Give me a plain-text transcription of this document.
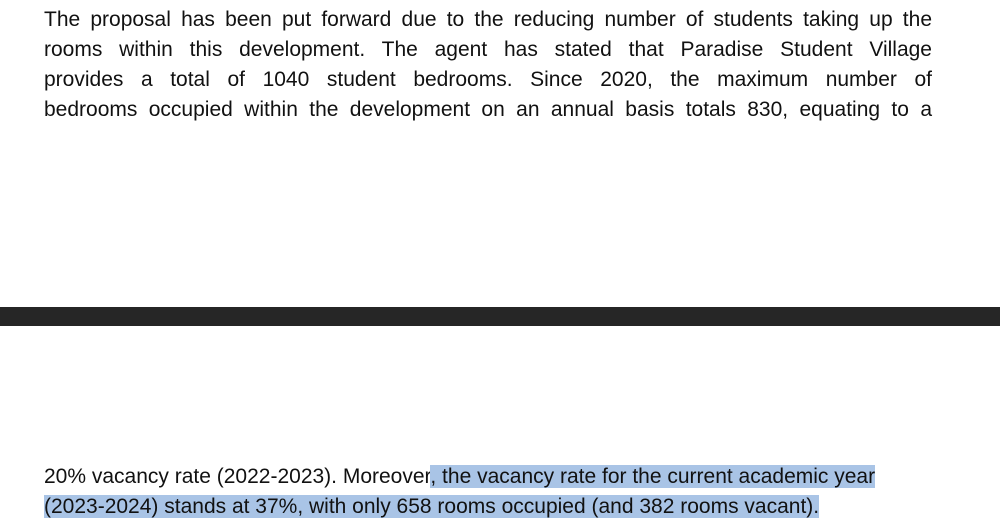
The proposal has been put forward due to the reducing number of students taking up the
rooms within this development. The agent has stated that Paradise Student Village
provides a total of 1040 student bedrooms. Since 2020, the maximum number of
bedrooms occupied within the development on an annual basis totals 830, equating to a
20% vacancy rate (2022-2023). Moreover, the vacancy rate for the current academic year
(2023-2024) stands at 37%, with only 658 rooms occupied (and 382 rooms vacant).
